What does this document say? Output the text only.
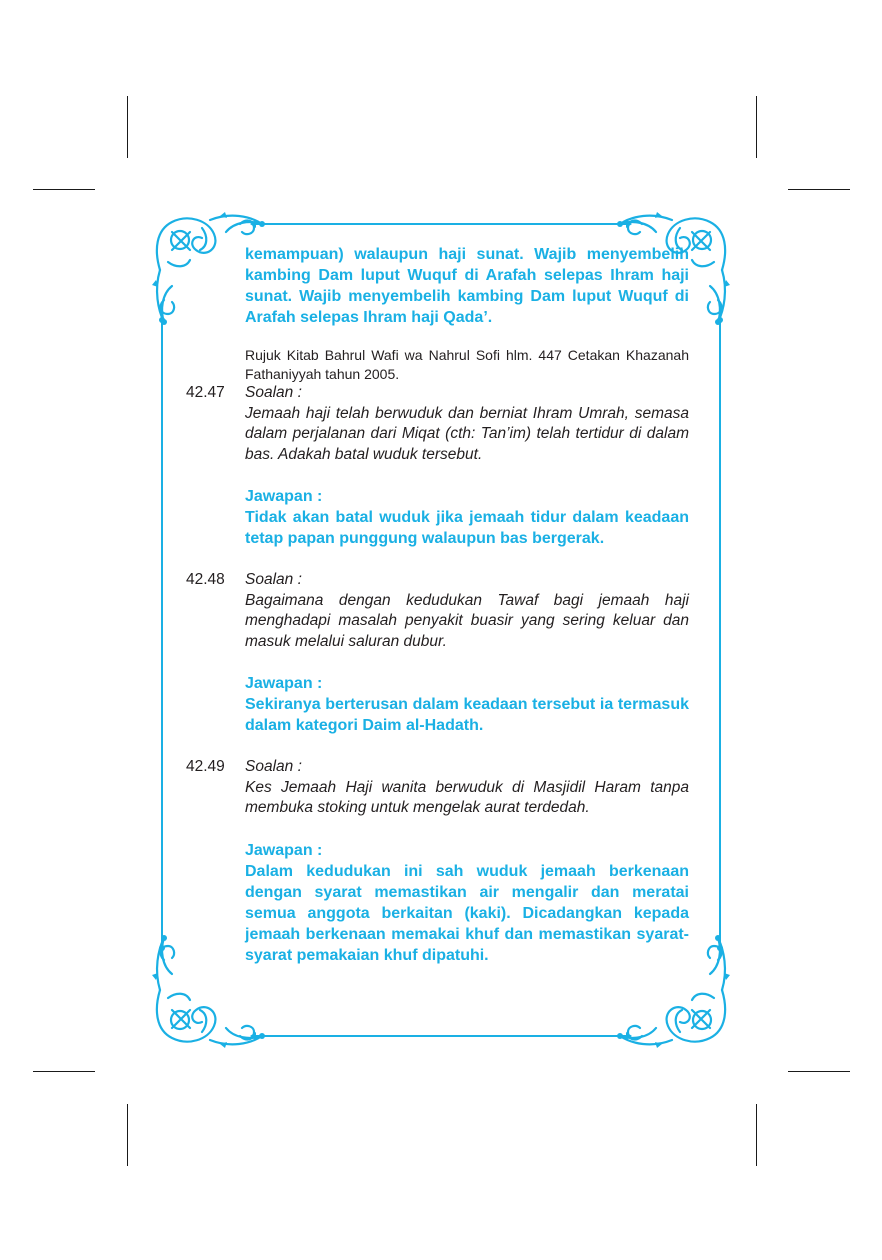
kemampuan) walaupun haji sunat. Wajib menyembelih kambing Dam luput Wuquf di Arafah selepas Ihram haji sunat. Wajib menyembelih kambing Dam luput Wuquf di Arafah selepas Ihram haji Qada’.
Rujuk Kitab Bahrul Wafi wa Nahrul Sofi hlm. 447 Cetakan Khazanah Fathaniyyah tahun 2005.
42.47	Soalan :
Jemaah haji telah berwuduk dan berniat Ihram Umrah, semasa dalam perjalanan dari Miqat (cth: Tan’im) telah tertidur di dalam bas. Adakah batal wuduk tersebut.
Jawapan :
Tidak akan batal wuduk jika jemaah tidur dalam keadaan tetap papan punggung walaupun bas bergerak.
42.48	Soalan :
Bagaimana dengan kedudukan Tawaf bagi jemaah haji menghadapi masalah penyakit buasir yang sering keluar dan masuk melalui saluran dubur.
Jawapan :
Sekiranya berterusan dalam keadaan tersebut ia termasuk dalam kategori Daim al-Hadath.
42.49	Soalan :
Kes Jemaah Haji wanita berwuduk di Masjidil Haram tanpa membuka stoking untuk mengelak aurat terdedah.
Jawapan :
Dalam kedudukan ini sah wuduk jemaah berkenaan dengan syarat memastikan air mengalir dan meratai semua anggota berkaitan (kaki). Dicadangkan kepada jemaah berkenaan memakai khuf dan memastikan syarat-syarat pemakaian khuf dipatuhi.
